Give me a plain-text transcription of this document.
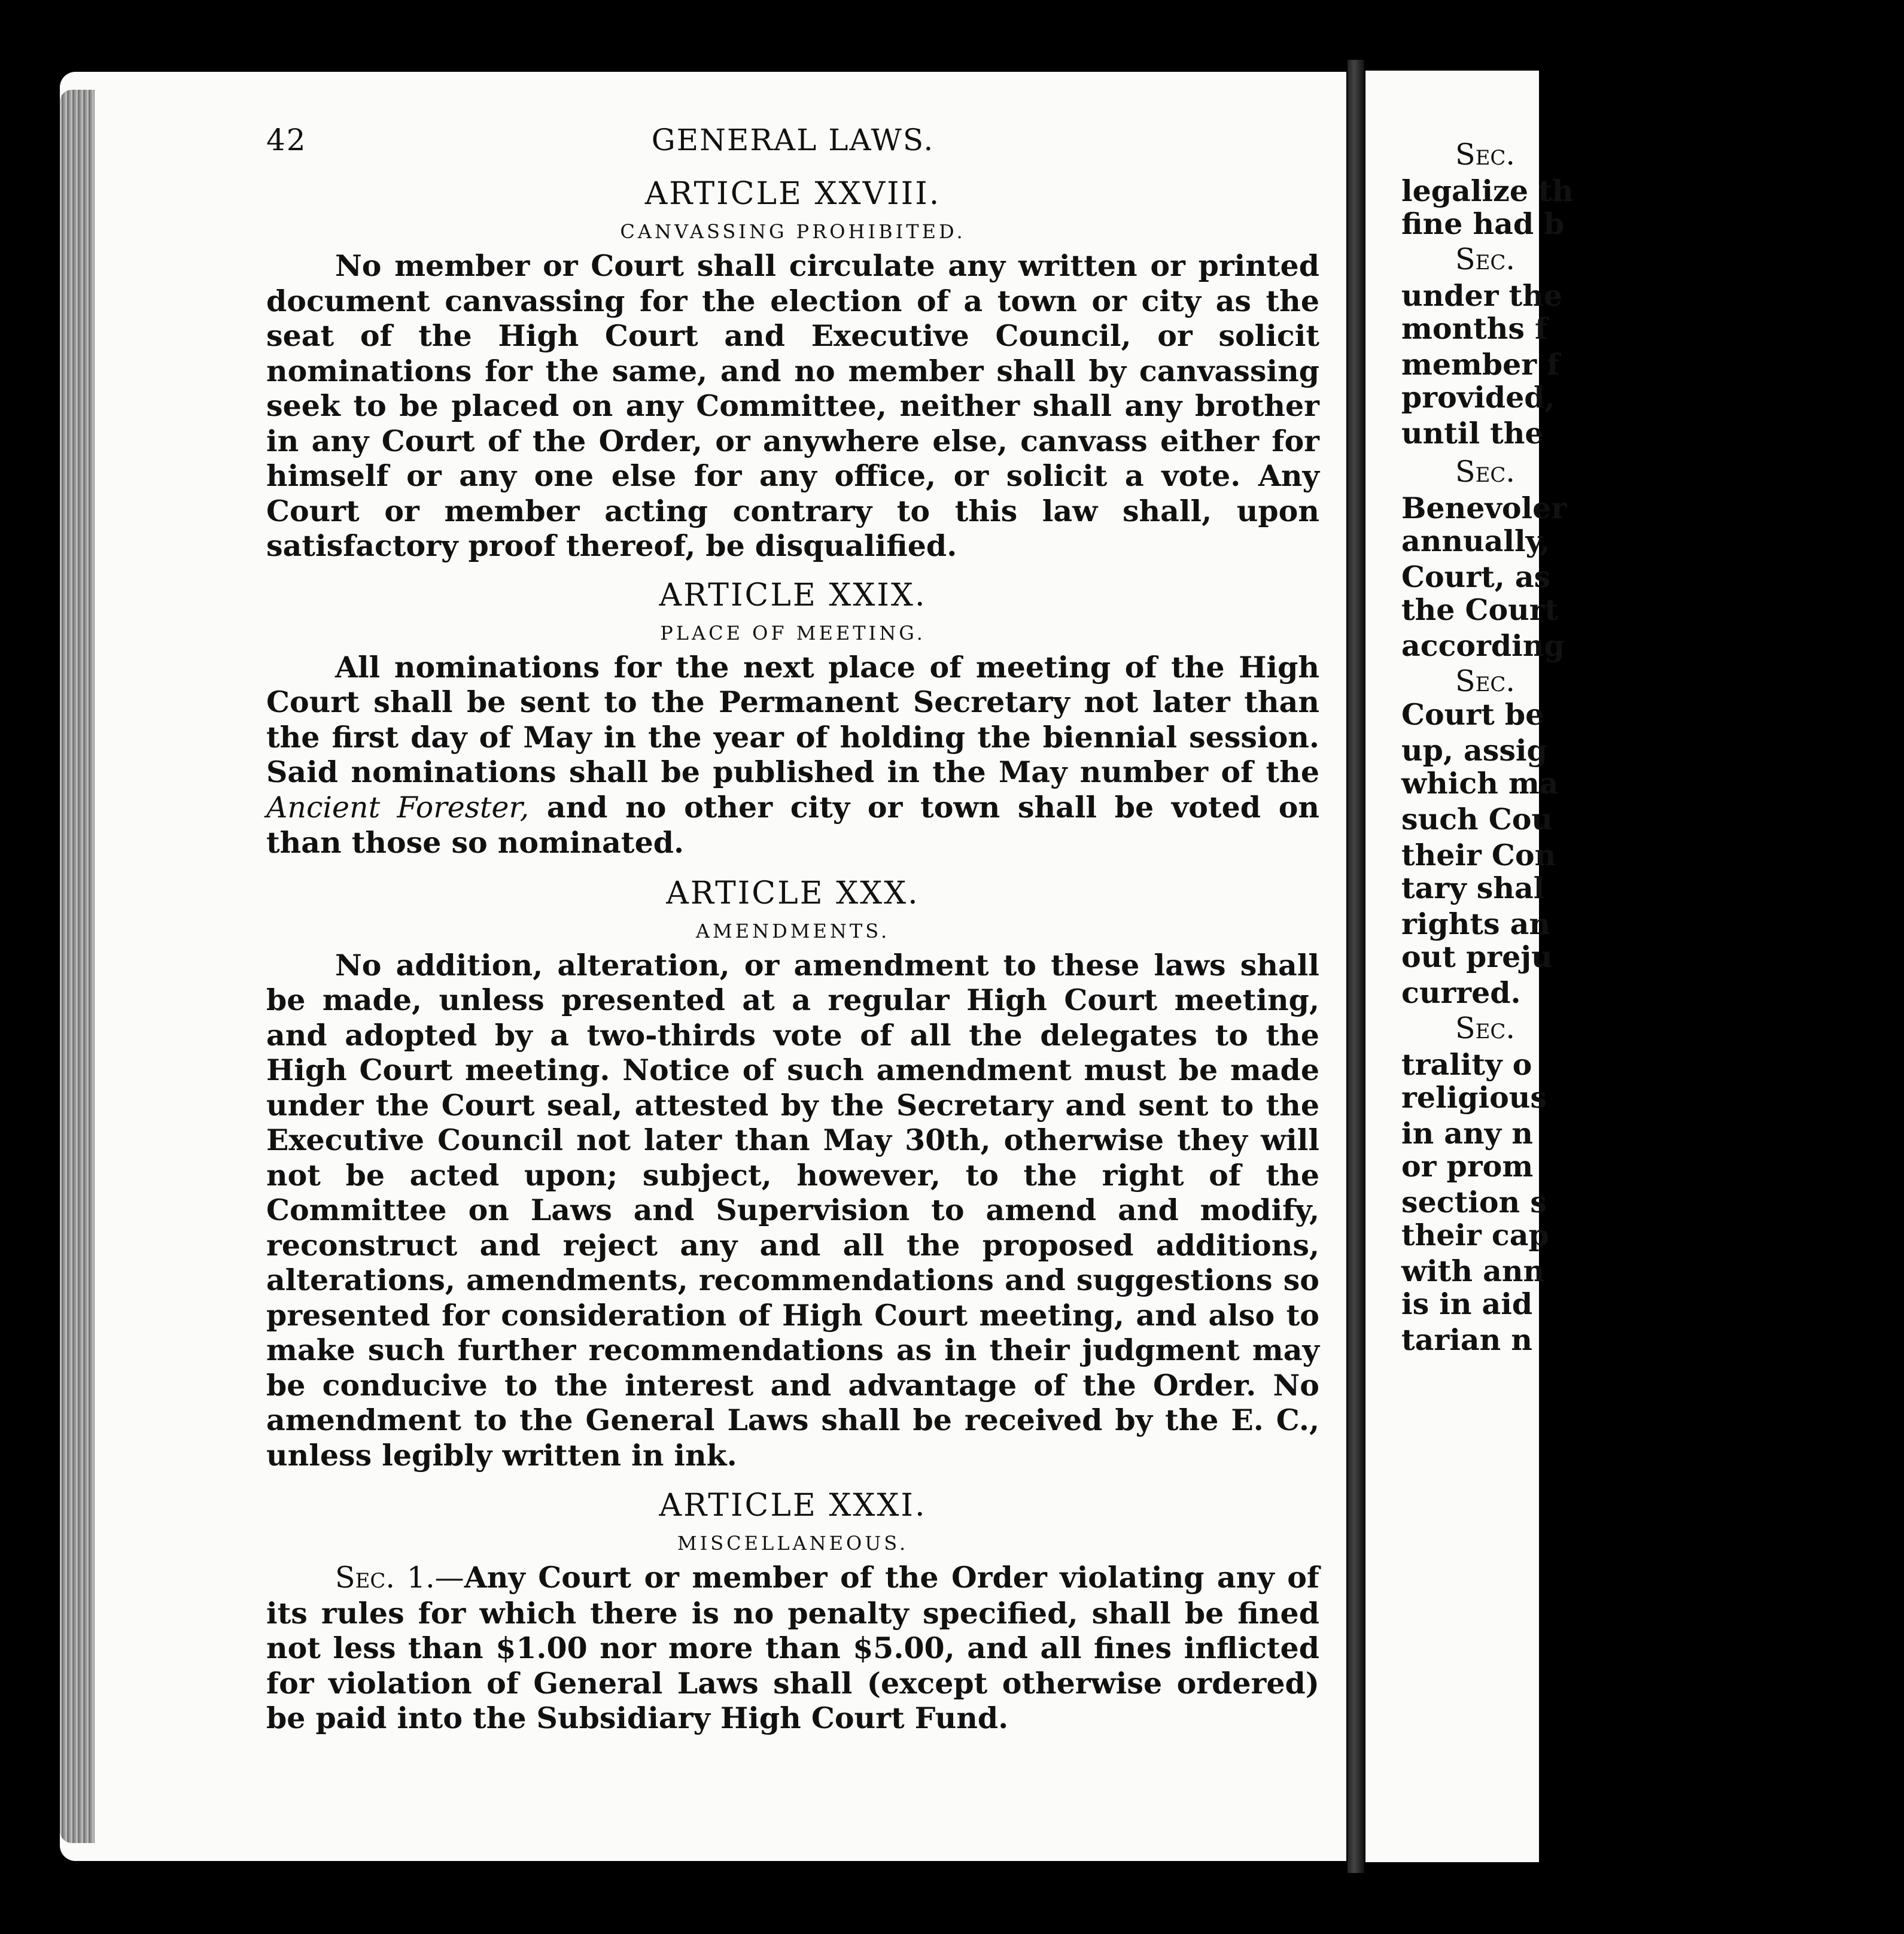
42	GENERAL LAWS.
ARTICLE XXVIII.
CANVASSING PROHIBITED.

No member or Court shall circulate any written or printed document canvassing for the election of a town or city as the seat of the High Court and Executive Council, or solicit nominations for the same, and no member shall by canvassing seek to be placed on any Committee, neither shall any brother in any Court of the Order, or anywhere else, canvass either for himself or any one else for any office, or solicit a vote. Any Court or member acting contrary to this law shall, upon satisfactory proof thereof, be disqualified.

ARTICLE XXIX.
PLACE OF MEETING.

All nominations for the next place of meeting of the High Court shall be sent to the Permanent Secretary not later than the first day of May in the year of holding the biennial session. Said nominations shall be published in the May number of the Ancient Forester, and no other city or town shall be voted on than those so nominated.

ARTICLE XXX.
AMENDMENTS.

No addition, alteration, or amendment to these laws shall be made, unless presented at a regular High Court meeting, and adopted by a two-thirds vote of all the delegates to the High Court meeting. Notice of such amendment must be made under the Court seal, attested by the Secretary and sent to the Executive Council not later than May 30th, otherwise they will not be acted upon; subject, however, to the right of the Committee on Laws and Supervision to amend and modify, reconstruct and reject any and all the proposed additions, alterations, amendments, recommendations and suggestions so presented for consideration of High Court meeting, and also to make such further recommendations as in their judgment may be conducive to the interest and advantage of the Order. No amendment to the General Laws shall be received by the E. C., unless legibly written in ink.

ARTICLE XXXI.
MISCELLANEOUS.

Sec. 1.—Any Court or member of the Order violating any of its rules for which there is no penalty specified, shall be fined not less than $1.00 nor more than $5.00, and all fines inflicted for violation of General Laws shall (except otherwise ordered) be paid into the Subsidiary High Court Fund.

Sec.
legalize th
fine had b
Sec.
under the
months f
member f
provided,
until the
Sec.
Benevoler
annually,
Court, as
the Court
according
Sec.
Court be
up, assig
which ma
such Cou
their Con
tary shal
rights an
out preju
curred.
Sec.
trality o
religious
in any n
or prom
section s
their cap
with ann
is in aid
tarian n
